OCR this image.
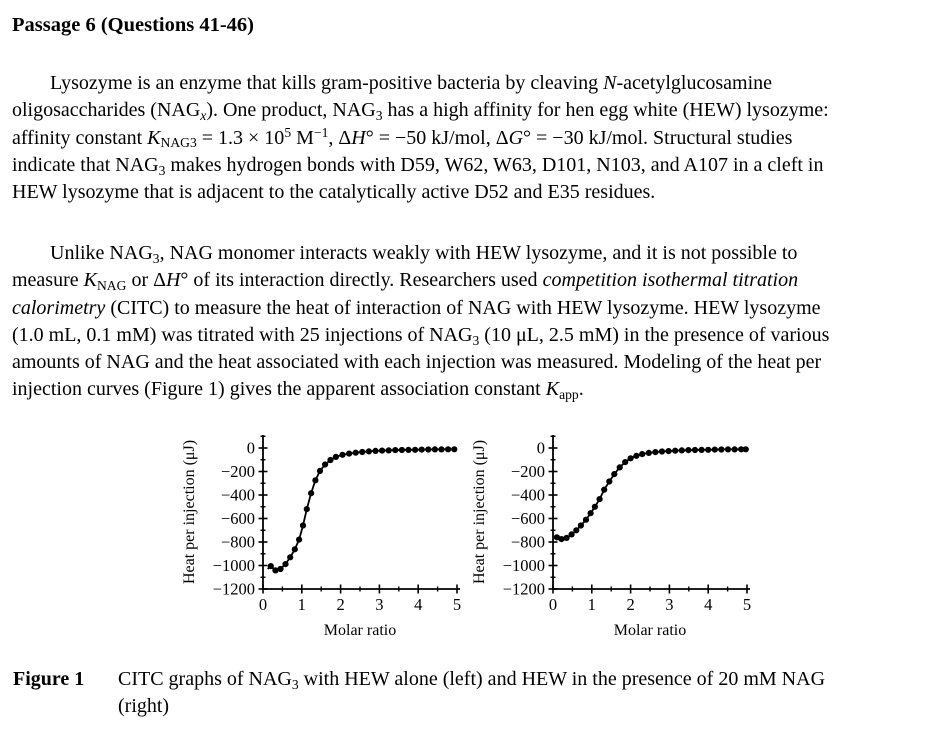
Passage 6 (Questions 41-46)
Lysozyme is an enzyme that kills gram-positive bacteria by cleaving N-acetylglucosamine
oligosaccharides (NAGx). One product, NAG3 has a high affinity for hen egg white (HEW) lysozyme:
affinity constant KNAG3 = $1.3 \times 10^5$ $M^{-1}$, ΔH° = −50 kJ/mol, ΔG° = −30 kJ/mol. Structural studies
indicate that NAG3 makes hydrogen bonds with D59, W62, W63, D101, N103, and A107 in a cleft in
HEW lysozyme that is adjacent to the catalytically active D52 and E35 residues.
Unlike NAG3, NAG monomer interacts weakly with HEW lysozyme, and it is not possible to
measure KNAG or ΔH° of its interaction directly. Researchers used competition isothermal titration
calorimetry (CITC) to measure the heat of interaction of NAG with HEW lysozyme. HEW lysozyme
(1.0 mL, 0.1 mM) was titrated with 25 injections of NAG3 (10 μL, 2.5 mM) in the presence of various
amounts of NAG and the heat associated with each injection was measured. Modeling of the heat per
injection curves (Figure 1) gives the apparent association constant Kapp.
0
−200
−400
−600
−800
−1000
−1200
0 1 2 3 4 5
Heat per injection (μJ)
Molar ratio
0
−200
−400
−600
−800
−1000
−1200
0 1 2 3 4 5
Heat per injection (μJ)
Molar ratio
Figure 1	CITC graphs of NAG3 with HEW alone (left) and HEW in the presence of 20 mM NAG
(right)
